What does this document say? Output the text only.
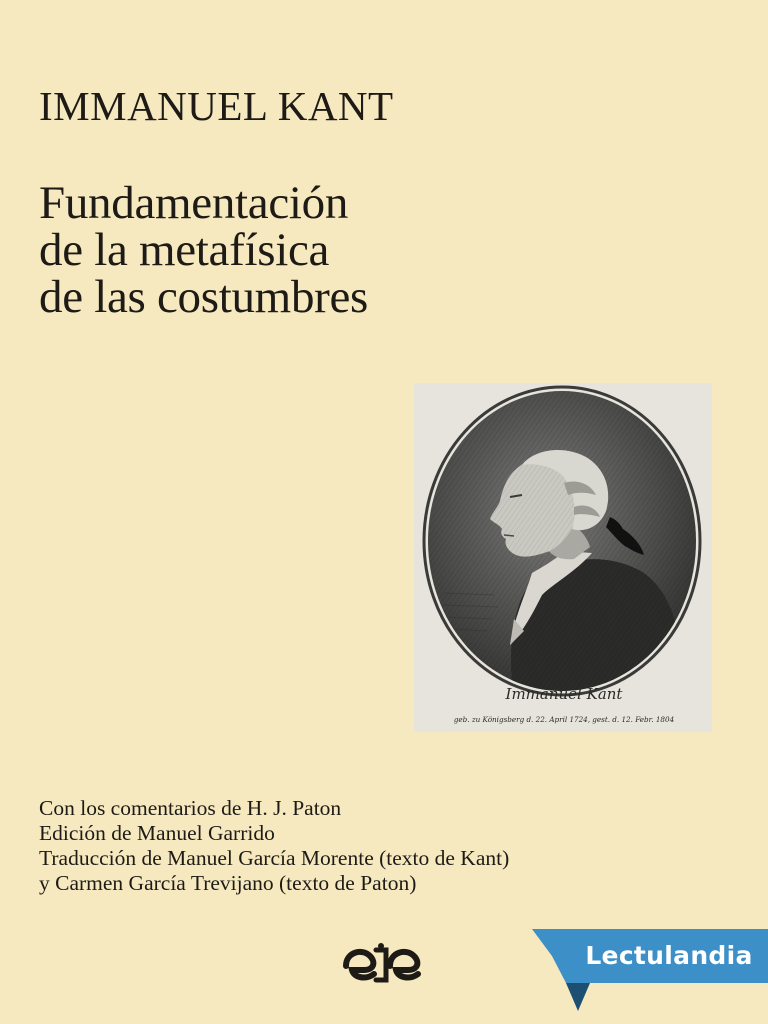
IMMANUEL KANT
Fundamentación
de la metafísica
de las costumbres
Immanuel Kant
geb. zu Königsberg d. 22. April 1724, gest. d. 12. Febr. 1804
Con los comentarios de H. J. Paton
Edición de Manuel Garrido
Traducción de Manuel García Morente (texto de Kant)
y Carmen García Trevijano (texto de Paton)
Lectulandia
